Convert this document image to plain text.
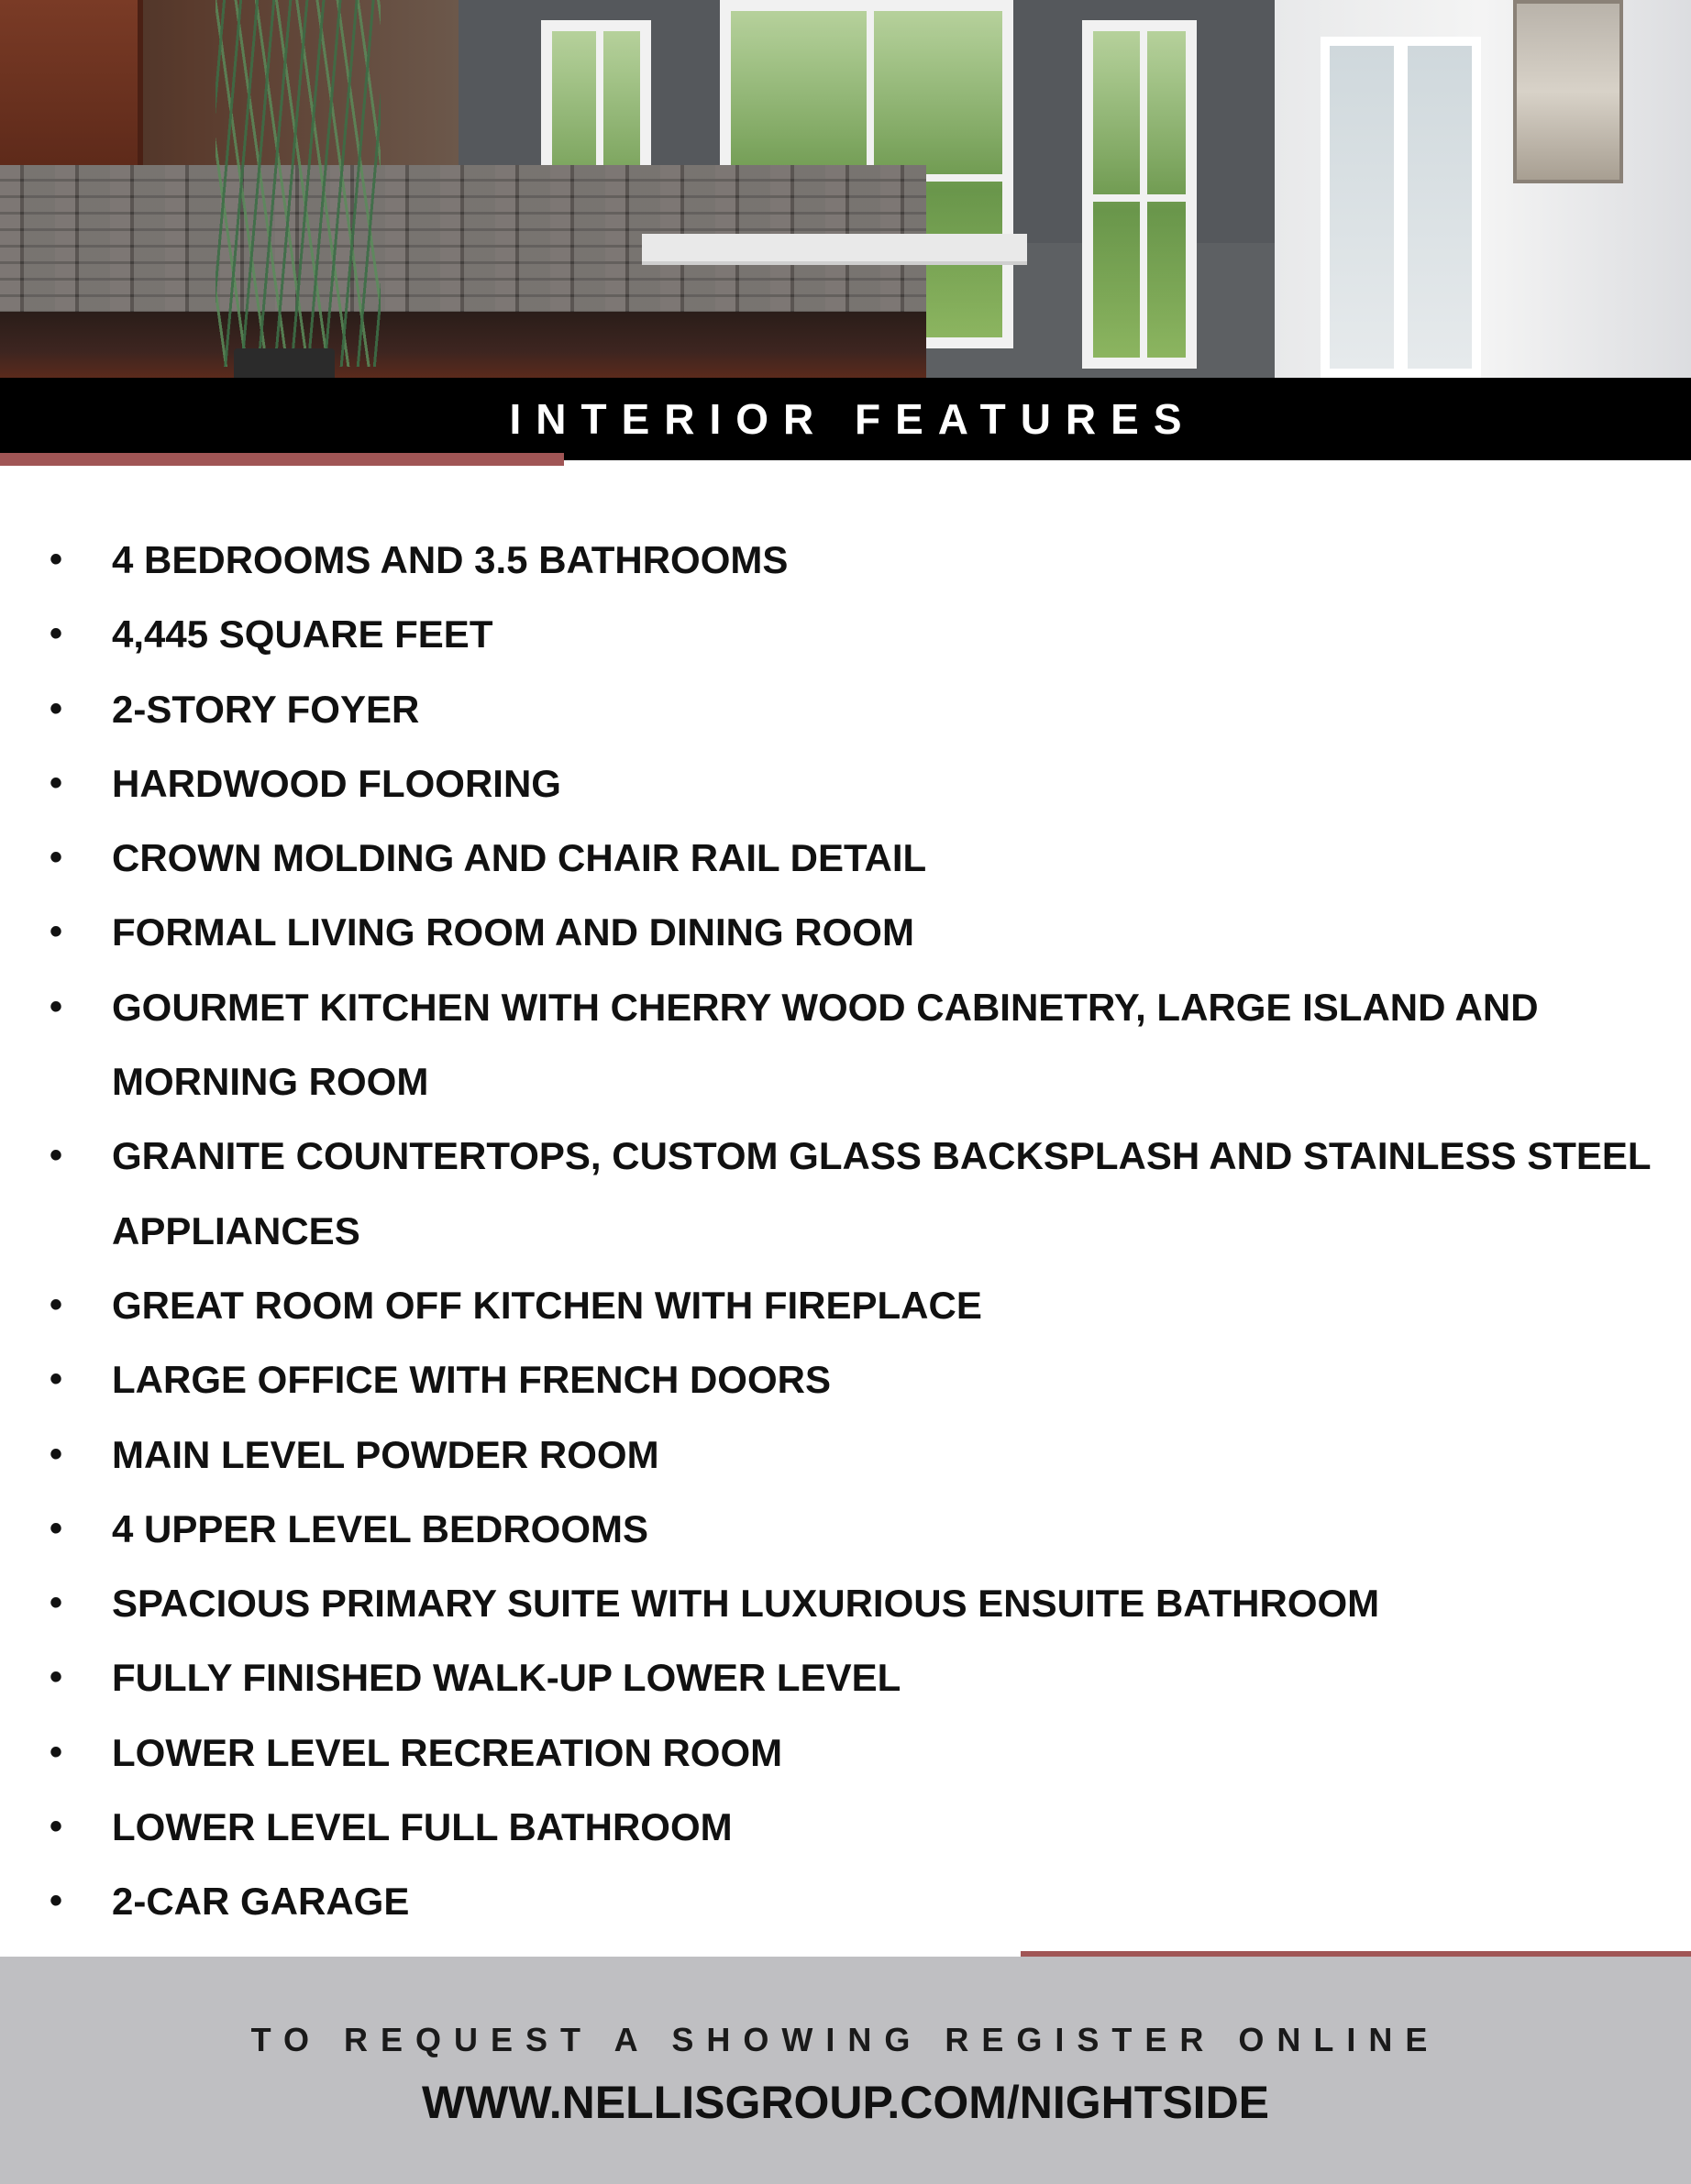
INTERIOR FEATURES
• 4 BEDROOMS AND 3.5 BATHROOMS
• 4,445 SQUARE FEET
• 2-STORY FOYER
• HARDWOOD FLOORING
• CROWN MOLDING AND CHAIR RAIL DETAIL
• FORMAL LIVING ROOM AND DINING ROOM
• GOURMET KITCHEN WITH CHERRY WOOD CABINETRY, LARGE ISLAND AND MORNING ROOM
• GRANITE COUNTERTOPS, CUSTOM GLASS BACKSPLASH AND STAINLESS STEEL APPLIANCES
• GREAT ROOM OFF KITCHEN WITH FIREPLACE
• LARGE OFFICE WITH FRENCH DOORS
• MAIN LEVEL POWDER ROOM
• 4 UPPER LEVEL BEDROOMS
• SPACIOUS PRIMARY SUITE WITH LUXURIOUS ENSUITE BATHROOM
• FULLY FINISHED WALK-UP LOWER LEVEL
• LOWER LEVEL RECREATION ROOM
• LOWER LEVEL FULL BATHROOM
• 2-CAR GARAGE

TO REQUEST A SHOWING REGISTER ONLINE

WWW.NELLISGROUP.COM/NIGHTSIDE
